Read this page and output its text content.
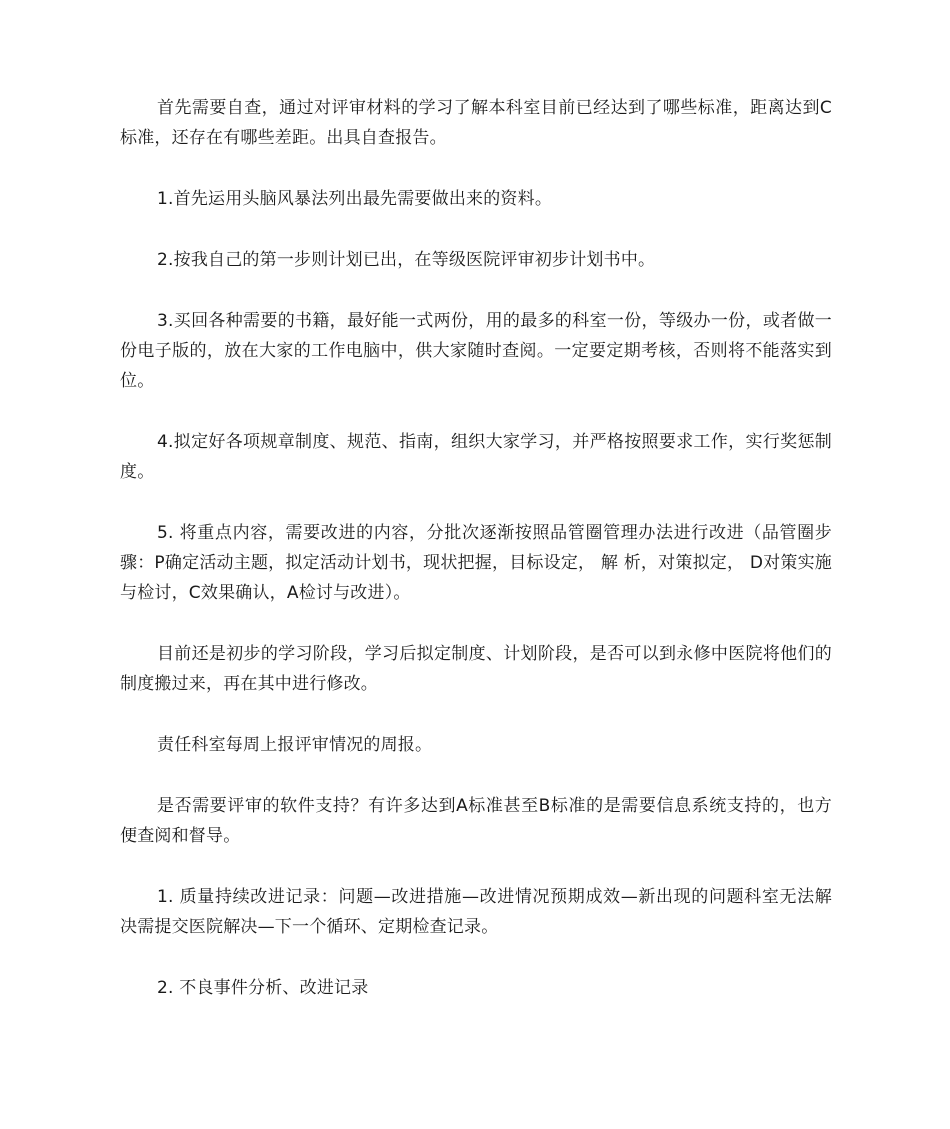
首先需要自查，通过对评审材料的学习了解本科室目前已经达到了哪些标准，距离达到C标准，还存在有哪些差距。出具自查报告。

1.首先运用头脑风暴法列出最先需要做出来的资料。

2.按我自己的第一步则计划已出，在等级医院评审初步计划书中。

3.买回各种需要的书籍，最好能一式两份，用的最多的科室一份，等级办一份，或者做一份电子版的，放在大家的工作电脑中，供大家随时查阅。一定要定期考核，否则将不能落实到位。

4.拟定好各项规章制度、规范、指南，组织大家学习，并严格按照要求工作，实行奖惩制度。

5. 将重点内容，需要改进的内容，分批次逐渐按照品管圈管理办法进行改进（品管圈步骤：P确定活动主题，拟定活动计划书，现状把握，目标设定， 解 析，对策拟定， D对策实施与检讨，C效果确认，A检讨与改进）。

目前还是初步的学习阶段，学习后拟定制度、计划阶段，是否可以到永修中医院将他们的制度搬过来，再在其中进行修改。

责任科室每周上报评审情况的周报。

是否需要评审的软件支持？有许多达到A标准甚至B标准的是需要信息系统支持的，也方便查阅和督导。

1. 质量持续改进记录：问题—改进措施—改进情况预期成效—新出现的问题科室无法解决需提交医院解决—下一个循环、定期检查记录。

2. 不良事件分析、改进记录
